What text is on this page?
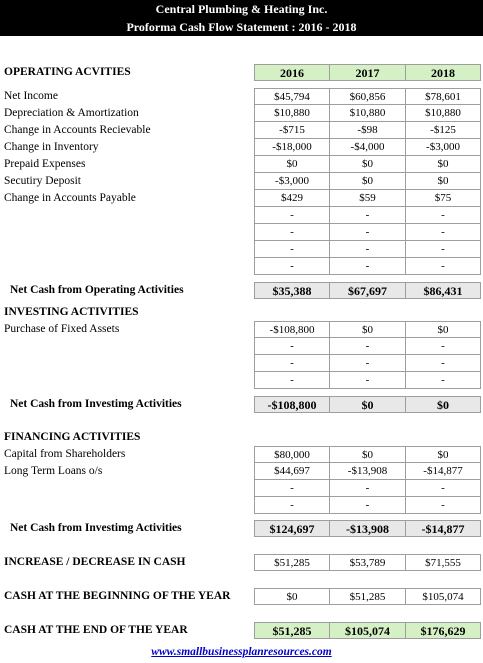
Central Plumbing & Heating Inc.
Proforma Cash Flow Statement : 2016 - 2018
OPERATING ACVITIES	2016	2017	2018
Net Income	$45,794	$60,856	$78,601
Depreciation & Amortization	$10,880	$10,880	$10,880
Change in Accounts Recievable	-$715	-$98	-$125
Change in Inventory	-$18,000	-$4,000	-$3,000
Prepaid Expenses	$0	$0	$0
Secutiry Deposit	-$3,000	$0	$0
Change in Accounts Payable	$429	$59	$75
-	-	-
-	-	-
-	-	-
-	-	-
Net Cash from Operating Activities	$35,388	$67,697	$86,431
INVESTING ACTIVITIES
Purchase of Fixed Assets	-$108,800	$0	$0
-	-	-
-	-	-
-	-	-
Net Cash from Investimg Activities	-$108,800	$0	$0
FINANCING ACTIVITIES
Capital from Shareholders	$80,000	$0	$0
Long Term Loans o/s	$44,697	-$13,908	-$14,877
-	-	-
-	-	-
Net Cash from Investimg Activities	$124,697	-$13,908	-$14,877
INCREASE / DECREASE IN CASH	$51,285	$53,789	$71,555
CASH AT THE BEGINNING OF THE YEAR	$0	$51,285	$105,074
CASH AT THE END OF THE YEAR	$51,285	$105,074	$176,629
www.smallbusinessplanresources.com
